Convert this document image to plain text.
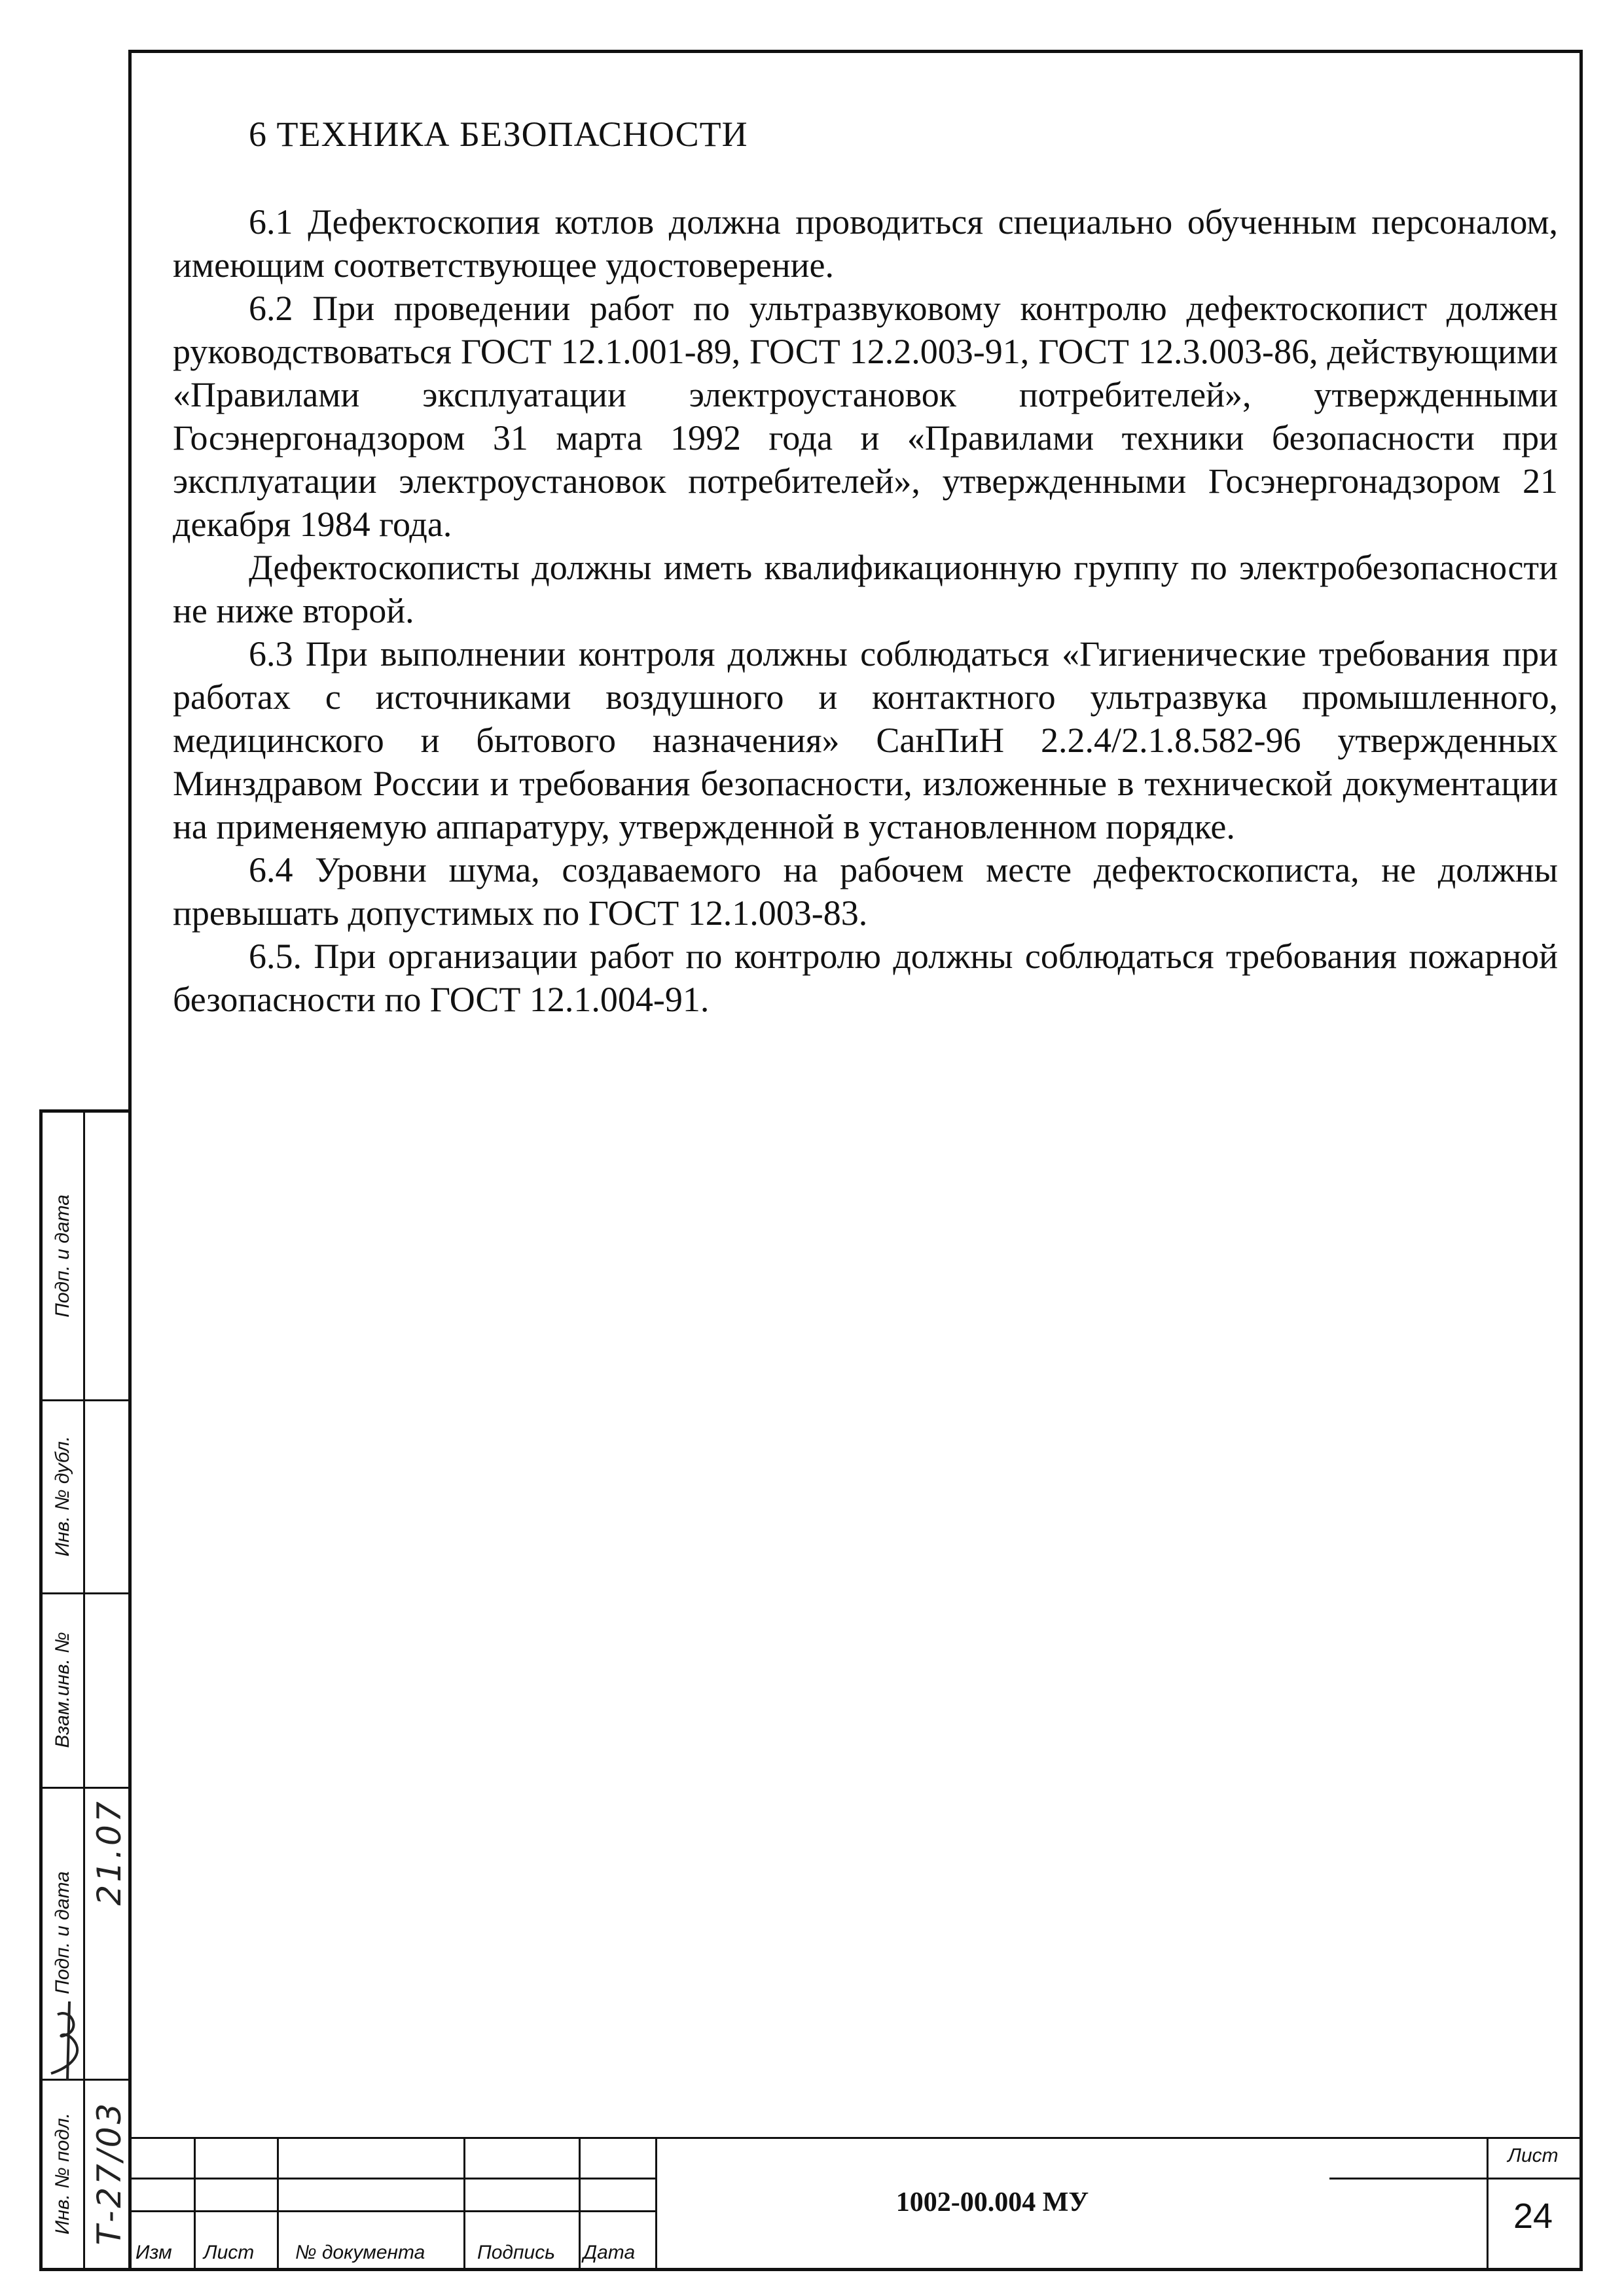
Подп. и дата
Инв. № дубл.
Взам.инв. №
Подп. и дата
Инв. № подл.
21.07
Т-27/03
6 ТЕХНИКА БЕЗОПАСНОСТИ

6.1 Дефектоскопия котлов должна проводиться специально обученным персоналом, имеющим соответствующее удостоверение.

6.2 При проведении работ по ультразвуковому контролю дефектоскопист должен руководствоваться ГОСТ 12.1.001-89, ГОСТ 12.2.003-91, ГОСТ 12.3.003-86, действующими «Правилами эксплуатации электроустановок потребителей», утвержденными Госэнергонадзором 31 марта 1992 года и «Правилами техники безопасности при эксплуатации электроустановок потребителей», утвержденными Госэнергонадзором 21 декабря 1984 года.

Дефектоскописты должны иметь квалификационную группу по электробезопасности не ниже второй.

6.3 При выполнении контроля должны соблюдаться «Гигиенические требования при работах с источниками воздушного и контактного ультразвука промышленного, медицинского и бытового назначения» СанПиН 2.2.4/2.1.8.582-96 утвержденных Минздравом России и требования безопасности, изложенные в технической документации на применяемую аппаратуру, утвержденной в установленном порядке.

6.4 Уровни шума, создаваемого на рабочем месте дефектоскописта, не должны превышать допустимых по ГОСТ 12.1.003-83.

6.5. При организации работ по контролю должны соблюдаться требования пожарной безопасности по ГОСТ 12.1.004-91.

Изм Лист № документа	Подпись Дата
1002-00.004 МУ
Лист
24
